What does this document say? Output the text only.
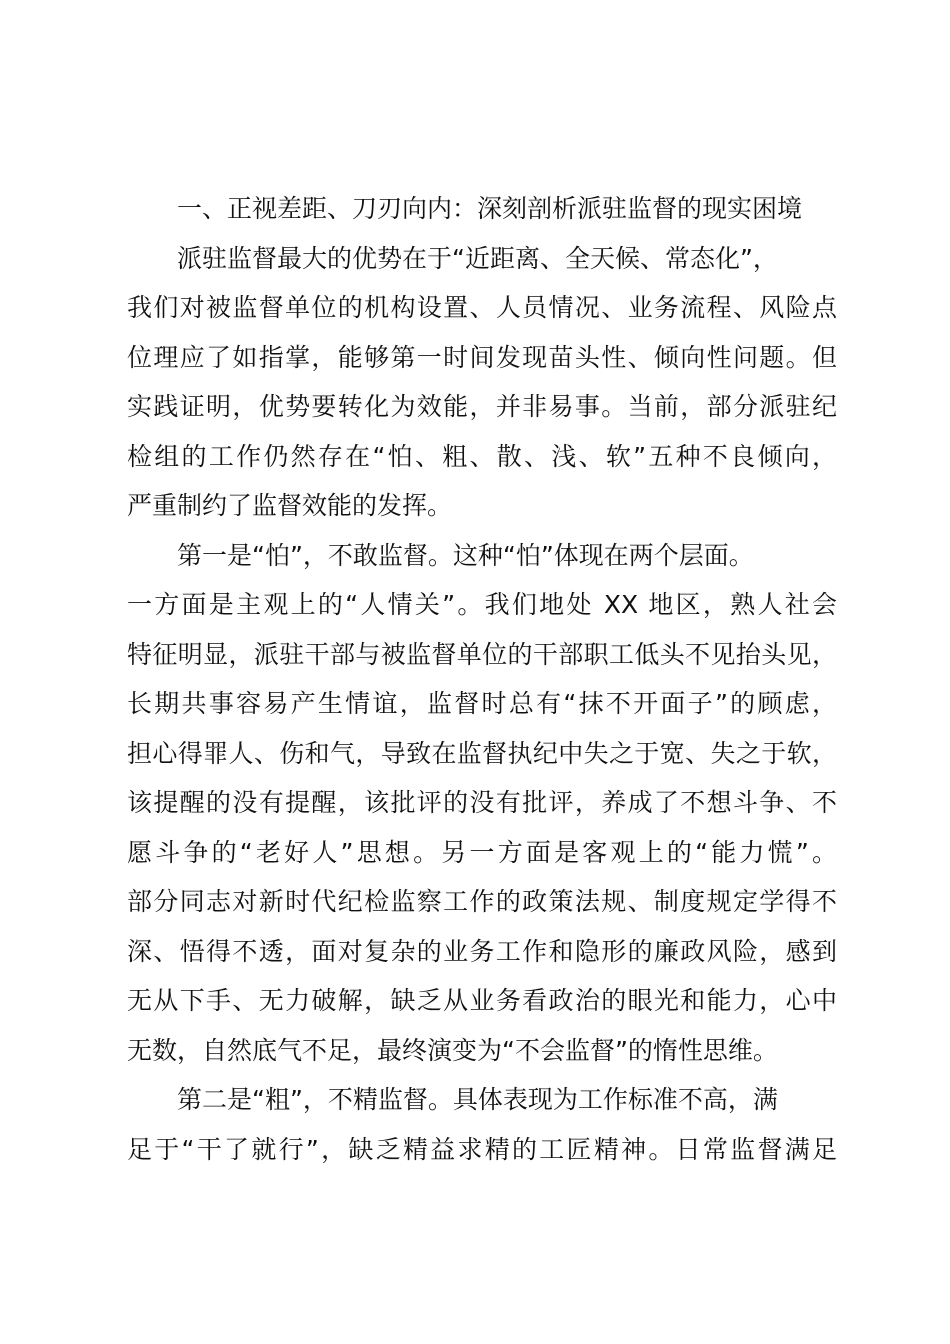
一、正视差距、刀刃向内：深刻剖析派驻监督的现实困境
派驻监督最大的优势在于“近距离、全天候、常态化”，
我们对被监督单位的机构设置、人员情况、业务流程、风险点
位理应了如指掌，能够第一时间发现苗头性、倾向性问题。但
实践证明，优势要转化为效能，并非易事。当前，部分派驻纪
检组的工作仍然存在“怕、粗、散、浅、软”五种不良倾向，
严重制约了监督效能的发挥。
第一是“怕”，不敢监督。这种“怕”体现在两个层面。
一方面是主观上的“人情关”。我们地处 XX 地区，熟人社会
特征明显，派驻干部与被监督单位的干部职工低头不见抬头见，
长期共事容易产生情谊，监督时总有“抹不开面子”的顾虑，
担心得罪人、伤和气，导致在监督执纪中失之于宽、失之于软，
该提醒的没有提醒，该批评的没有批评，养成了不想斗争、不
愿斗争的“老好人”思想。另一方面是客观上的“能力慌”。
部分同志对新时代纪检监察工作的政策法规、制度规定学得不
深、悟得不透，面对复杂的业务工作和隐形的廉政风险，感到
无从下手、无力破解，缺乏从业务看政治的眼光和能力，心中
无数，自然底气不足，最终演变为“不会监督”的惰性思维。
第二是“粗”，不精监督。具体表现为工作标准不高，满
足于“干了就行”，缺乏精益求精的工匠精神。日常监督满足
